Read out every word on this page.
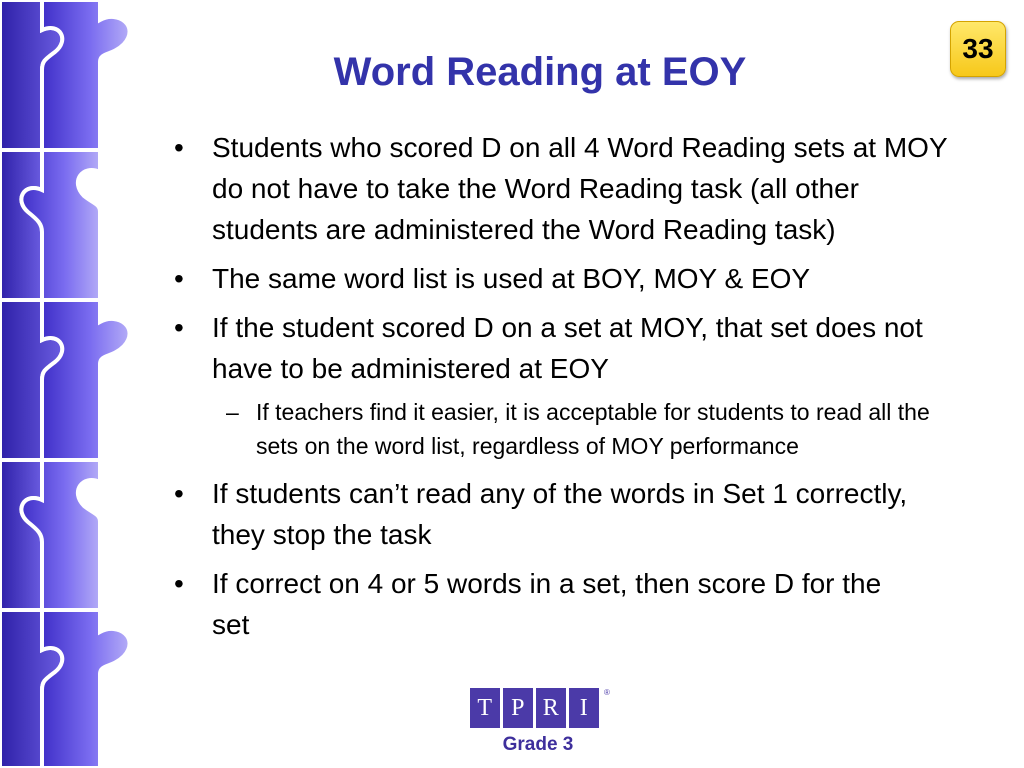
33
Word Reading at EOY
• Students who scored D on all 4 Word Reading sets at MOY do not have to take the Word Reading task (all other students are administered the Word Reading task)
• The same word list is used at BOY, MOY & EOY
• If the student scored D on a set at MOY, that set does not have to be administered at EOY
– If teachers find it easier, it is acceptable for students to read all the sets on the word list, regardless of MOY performance
• If students can’t read any of the words in Set 1 correctly, they stop the task
• If correct on 4 or 5 words in a set, then score D for the set
T P R I
®
Grade 3
